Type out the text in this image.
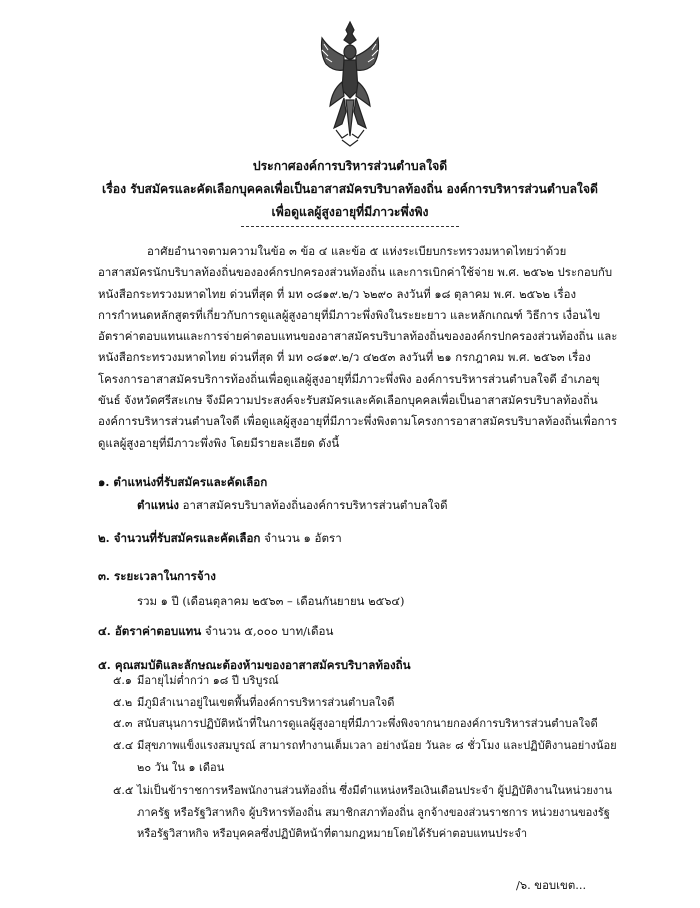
ประกาศองค์การบริหารส่วนตำบลใจดี
เรื่อง รับสมัครและคัดเลือกบุคคลเพื่อเป็นอาสาสมัครบริบาลท้องถิ่น องค์การบริหารส่วนตำบลใจดี
เพื่อดูแลผู้สูงอายุที่มีภาวะพึ่งพิง
อาศัยอำนาจตามความในข้อ ๓ ข้อ ๔ และข้อ ๕ แห่งระเบียบกระทรวงมหาดไทยว่าด้วย
อาสาสมัครนักบริบาลท้องถิ่นขององค์กรปกครองส่วนท้องถิ่น และการเบิกค่าใช้จ่าย พ.ศ. ๒๕๖๒ ประกอบกับ
หนังสือกระทรวงมหาดไทย ด่วนที่สุด ที่ มท ๐๘๑๙.๒/ว ๖๒๙๐ ลงวันที่ ๑๘ ตุลาคม พ.ศ. ๒๕๖๒ เรื่อง
การกำหนดหลักสูตรที่เกี่ยวกับการดูแลผู้สูงอายุที่มีภาวะพึ่งพิงในระยะยาว และหลักเกณฑ์ วิธีการ เงื่อนไข
อัตราค่าตอบแทนและการจ่ายค่าตอบแทนของอาสาสมัครบริบาลท้องถิ่นขององค์กรปกครองส่วนท้องถิ่น และ
หนังสือกระทรวงมหาดไทย ด่วนที่สุด ที่ มท ๐๘๑๙.๒/ว ๔๒๕๓ ลงวันที่ ๒๑ กรกฎาคม พ.ศ. ๒๕๖๓ เรื่อง
โครงการอาสาสมัครบริการท้องถิ่นเพื่อดูแลผู้สูงอายุที่มีภาวะพึ่งพิง องค์การบริหารส่วนตำบลใจดี อำเภอขุ
ขันธ์ จังหวัดศรีสะเกษ จึงมีความประสงค์จะรับสมัครและคัดเลือกบุคคลเพื่อเป็นอาสาสมัครบริบาลท้องถิ่น
องค์การบริหารส่วนตำบลใจดี เพื่อดูแลผู้สูงอายุที่มีภาวะพึ่งพิงตามโครงการอาสาสมัครบริบาลท้องถิ่นเพื่อการ
ดูแลผู้สูงอายุที่มีภาวะพึ่งพิง โดยมีรายละเอียด ดังนี้
๑. ตำแหน่งที่รับสมัครและคัดเลือก
ตำแหน่ง อาสาสมัครบริบาลท้องถิ่นองค์การบริหารส่วนตำบลใจดี
๒. จำนวนที่รับสมัครและคัดเลือก จำนวน ๑ อัตรา
๓. ระยะเวลาในการจ้าง
รวม ๑ ปี (เดือนตุลาคม ๒๕๖๓ – เดือนกันยายน ๒๕๖๔)
๔. อัตราค่าตอบแทน จำนวน ๕,๐๐๐ บาท/เดือน
๕. คุณสมบัติและลักษณะต้องห้ามของอาสาสมัครบริบาลท้องถิ่น
๕.๑ มีอายุไม่ต่ำกว่า ๑๘ ปี บริบูรณ์
๕.๒ มีภูมิลำเนาอยู่ในเขตพื้นที่องค์การบริหารส่วนตำบลใจดี
๕.๓ สนับสนุนการปฏิบัติหน้าที่ในการดูแลผู้สูงอายุที่มีภาวะพึ่งพิงจากนายกองค์การบริหารส่วนตำบลใจดี
๕.๔ มีสุขภาพแข็งแรงสมบูรณ์ สามารถทำงานเต็มเวลา อย่างน้อย วันละ ๘ ชั่วโมง และปฏิบัติงานอย่างน้อย
๒๐ วัน ใน ๑ เดือน
๕.๕ ไม่เป็นข้าราชการหรือพนักงานส่วนท้องถิ่น ซึ่งมีตำแหน่งหรือเงินเดือนประจำ ผู้ปฏิบัติงานในหน่วยงาน
ภาครัฐ หรือรัฐวิสาหกิจ ผู้บริหารท้องถิ่น สมาชิกสภาท้องถิ่น ลูกจ้างของส่วนราชการ หน่วยงานของรัฐ
หรือรัฐวิสาหกิจ หรือบุคคลซึ่งปฏิบัติหน้าที่ตามกฎหมายโดยได้รับค่าตอบแทนประจำ
/๖. ขอบเขต...
